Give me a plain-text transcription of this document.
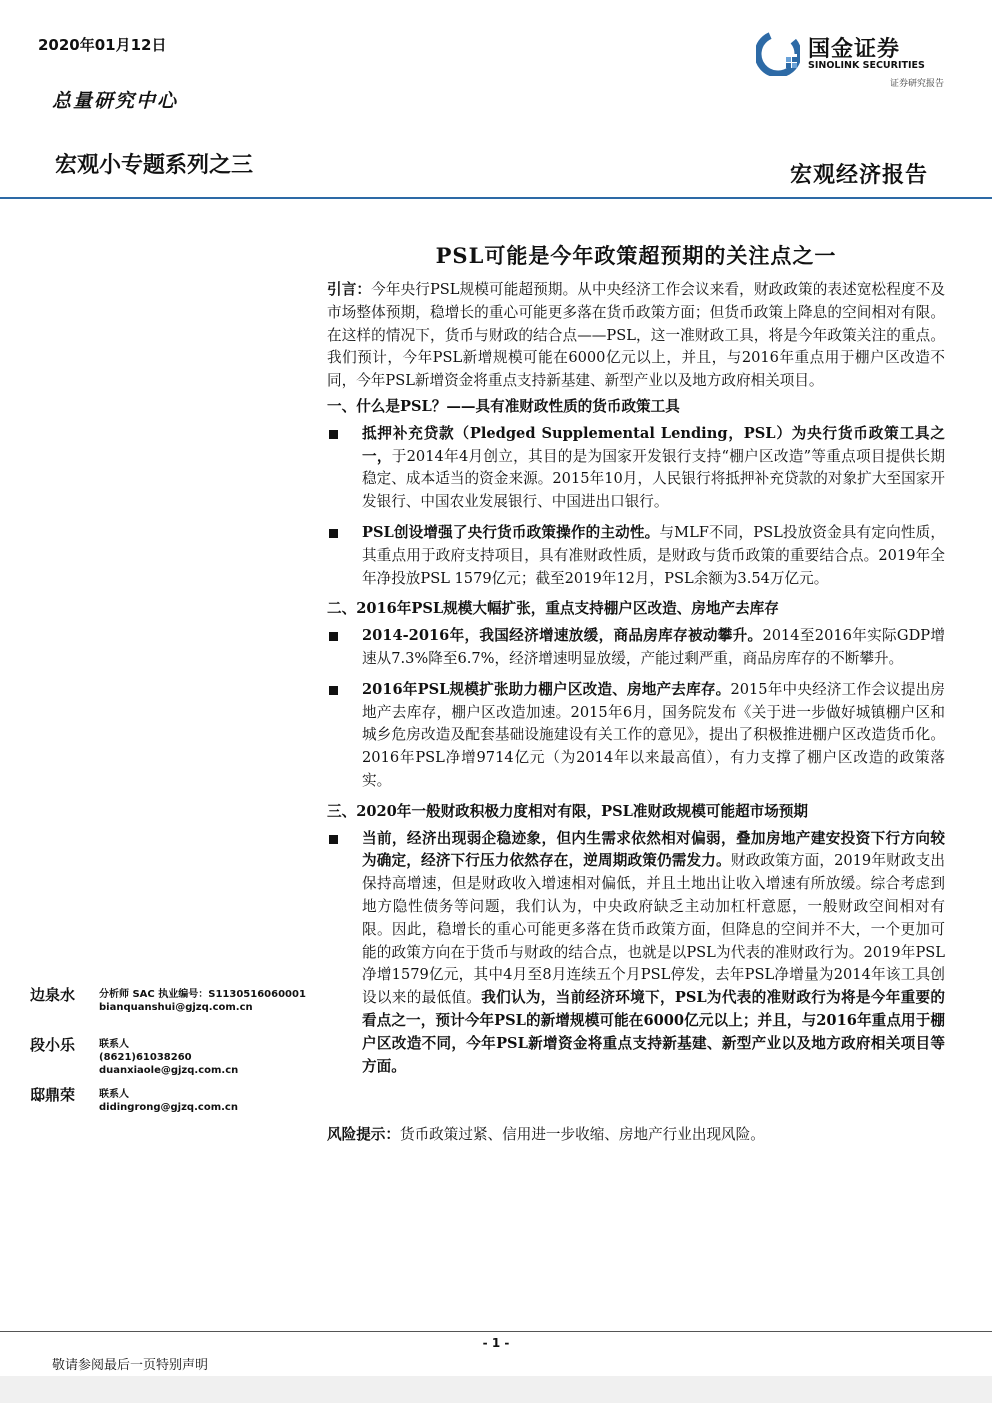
2020年01月12日
总量研究中心
宏观小专题系列之三
国金证券
SINOLINK SECURITIES
证券研究报告
宏观经济报告
PSL可能是今年政策超预期的关注点之一

引言：今年央行PSL规模可能超预期。从中央经济工作会议来看，财政政策的表述宽松程度不及市场整体预期，稳增长的重心可能更多落在货币政策方面；但货币政策上降息的空间相对有限。在这样的情况下，货币与财政的结合点——PSL，这一准财政工具，将是今年政策关注的重点。我们预计，今年PSL新增规模可能在6000亿元以上，并且，与2016年重点用于棚户区改造不同，今年PSL新增资金将重点支持新基建、新型产业以及地方政府相关项目。

一、什么是PSL？——具有准财政性质的货币政策工具

抵押补充贷款（Pledged Supplemental Lending，PSL）为央行货币政策工具之一，于2014年4月创立，其目的是为国家开发银行支持“棚户区改造”等重点项目提供长期稳定、成本适当的资金来源。2015年10月，人民银行将抵押补充贷款的对象扩大至国家开发银行、中国农业发展银行、中国进出口银行。
PSL创设增强了央行货币政策操作的主动性。与MLF不同，PSL投放资金具有定向性质，其重点用于政府支持项目，具有准财政性质，是财政与货币政策的重要结合点。2019年全年净投放PSL 1579亿元；截至2019年12月，PSL余额为3.54万亿元。

二、2016年PSL规模大幅扩张，重点支持棚户区改造、房地产去库存

2014-2016年，我国经济增速放缓，商品房库存被动攀升。2014至2016年实际GDP增速从7.3%降至6.7%，经济增速明显放缓，产能过剩严重，商品房库存的不断攀升。
2016年PSL规模扩张助力棚户区改造、房地产去库存。2015年中央经济工作会议提出房地产去库存，棚户区改造加速。2015年6月，国务院发布《关于进一步做好城镇棚户区和城乡危房改造及配套基础设施建设有关工作的意见》，提出了积极推进棚户区改造货币化。2016年PSL净增9714亿元（为2014年以来最高值），有力支撑了棚户区改造的政策落实。

三、2020年一般财政积极力度相对有限，PSL准财政规模可能超市场预期

当前，经济出现弱企稳迹象，但内生需求依然相对偏弱，叠加房地产建安投资下行方向较为确定，经济下行压力依然存在，逆周期政策仍需发力。财政政策方面，2019年财政支出保持高增速，但是财政收入增速相对偏低，并且土地出让收入增速有所放缓。综合考虑到地方隐性债务等问题，我们认为，中央政府缺乏主动加杠杆意愿，一般财政空间相对有限。因此，稳增长的重心可能更多落在货币政策方面，但降息的空间并不大，一个更加可能的政策方向在于货币与财政的结合点，也就是以PSL为代表的准财政行为。2019年PSL净增1579亿元，其中4月至8月连续五个月PSL停发，去年PSL净增量为2014年该工具创设以来的最低值。我们认为，当前经济环境下，PSL为代表的准财政行为将是今年重要的看点之一，预计今年PSL的新增规模可能在6000亿元以上；并且，与2016年重点用于棚户区改造不同，今年PSL新增资金将重点支持新基建、新型产业以及地方政府相关项目等方面。

风险提示：货币政策过紧、信用进一步收缩、房地产行业出现风险。

边泉水 分析师 SAC 执业编号：S1130516060001
bianquanshui@gjzq.com.cn
段小乐 联系人
(8621)61038260
duanxiaole@gjzq.com.cn
邸鼎荣 联系人
didingrong@gjzq.com.cn
- 1 -
敬请参阅最后一页特别声明
